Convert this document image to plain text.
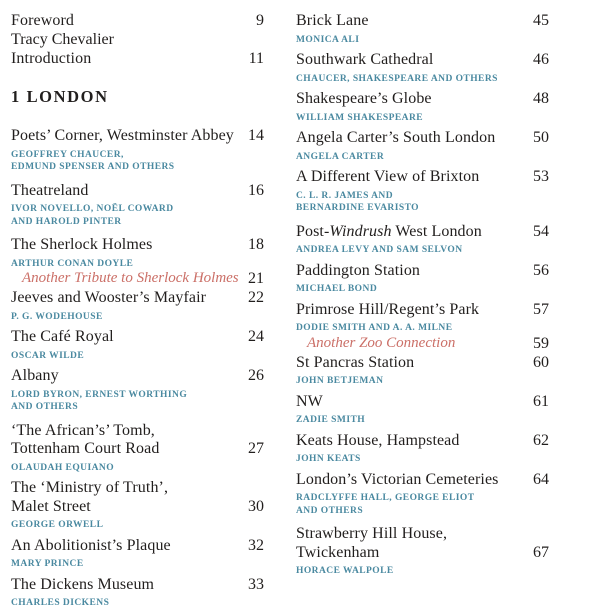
Foreword	9
Tracy Chevalier
Introduction	11
1 LONDON
Poets’ Corner, Westminster Abbey 14
GEOFFREY CHAUCER,
EDMUND SPENSER AND OTHERS
Theatreland	16
IVOR NOVELLO, NOËL COWARD
AND HAROLD PINTER
The Sherlock Holmes	18
ARTHUR CONAN DOYLE
Another Tribute to Sherlock Holmes 21
Jeeves and Wooster’s Mayfair	22
P. G. WODEHOUSE
The Café Royal	24
OSCAR WILDE
Albany	26
LORD BYRON, ERNEST WORTHING
AND OTHERS
‘The African’s’ Tomb,
Tottenham Court Road	27
OLAUDAH EQUIANO
The ‘Ministry of Truth’,
Malet Street	30
GEORGE ORWELL
An Abolitionist’s Plaque	32
MARY PRINCE
The Dickens Museum	33
CHARLES DICKENS
Brick Lane	45
MONICA ALI
Southwark Cathedral	46
CHAUCER, SHAKESPEARE AND OTHERS
Shakespeare’s Globe	48
WILLIAM SHAKESPEARE
Angela Carter’s South London 50
ANGELA CARTER
A Different View of Brixton	53
C. L. R. JAMES AND
BERNARDINE EVARISTO
Post-Windrush West London	54
ANDREA LEVY AND SAM SELVON
Paddington Station	56
MICHAEL BOND
Primrose Hill/Regent’s Park	57
DODIE SMITH AND A. A. MILNE
Another Zoo Connection	59
St Pancras Station	60
JOHN BETJEMAN
NW	61
ZADIE SMITH
Keats House, Hampstead	62
JOHN KEATS
London’s Victorian Cemeteries 64
RADCLYFFE HALL, GEORGE ELIOT
AND OTHERS
Strawberry Hill House,
Twickenham	67
HORACE WALPOLE
